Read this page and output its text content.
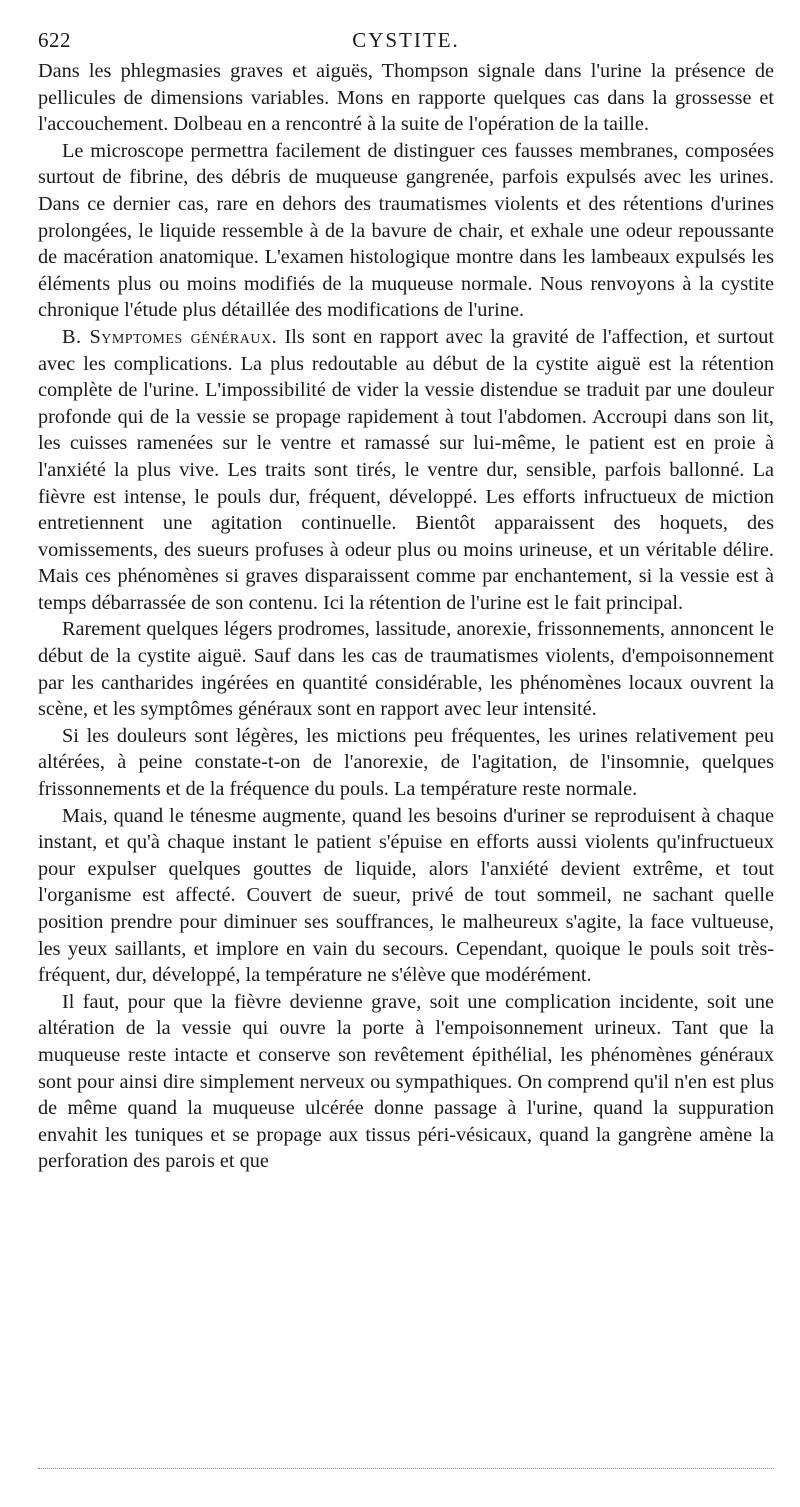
622	CYSTITE.

Dans les phlegmasies graves et aiguës, Thompson signale dans l'urine la présence de pellicules de dimensions variables. Mons en rapporte quelques cas dans la grossesse et l'accouchement. Dolbeau en a rencontré à la suite de l'opération de la taille.

Le microscope permettra facilement de distinguer ces fausses membranes, composées surtout de fibrine, des débris de muqueuse gangrenée, parfois expulsés avec les urines. Dans ce dernier cas, rare en dehors des traumatismes violents et des rétentions d'urines prolongées, le liquide ressemble à de la bavure de chair, et exhale une odeur repoussante de macération anatomique. L'examen histologique montre dans les lambeaux expulsés les éléments plus ou moins modifiés de la muqueuse normale. Nous renvoyons à la cystite chronique l'étude plus détaillée des modifications de l'urine.

B. Symptomes généraux. Ils sont en rapport avec la gravité de l'affection, et surtout avec les complications. La plus redoutable au début de la cystite aiguë est la rétention complète de l'urine. L'impossibilité de vider la vessie distendue se traduit par une douleur profonde qui de la vessie se propage rapidement à tout l'abdomen. Accroupi dans son lit, les cuisses ramenées sur le ventre et ramassé sur lui-même, le patient est en proie à l'anxiété la plus vive. Les traits sont tirés, le ventre dur, sensible, parfois ballonné. La fièvre est intense, le pouls dur, fréquent, développé. Les efforts infructueux de miction entretiennent une agitation continuelle. Bientôt apparaissent des hoquets, des vomissements, des sueurs profuses à odeur plus ou moins urineuse, et un véritable délire. Mais ces phénomènes si graves disparaissent comme par enchantement, si la vessie est à temps débarrassée de son contenu. Ici la rétention de l'urine est le fait principal.

Rarement quelques légers prodromes, lassitude, anorexie, frissonnements, annoncent le début de la cystite aiguë. Sauf dans les cas de traumatismes violents, d'empoisonnement par les cantharides ingérées en quantité considérable, les phénomènes locaux ouvrent la scène, et les symptômes généraux sont en rapport avec leur intensité.

Si les douleurs sont légères, les mictions peu fréquentes, les urines relativement peu altérées, à peine constate-t-on de l'anorexie, de l'agitation, de l'insomnie, quelques frissonnements et de la fréquence du pouls. La température reste normale.

Mais, quand le ténesme augmente, quand les besoins d'uriner se reproduisent à chaque instant, et qu'à chaque instant le patient s'épuise en efforts aussi violents qu'infructueux pour expulser quelques gouttes de liquide, alors l'anxiété devient extrême, et tout l'organisme est affecté. Couvert de sueur, privé de tout sommeil, ne sachant quelle position prendre pour diminuer ses souffrances, le malheureux s'agite, la face vultueuse, les yeux saillants, et implore en vain du secours. Cependant, quoique le pouls soit très-fréquent, dur, développé, la température ne s'élève que modérément.

Il faut, pour que la fièvre devienne grave, soit une complication incidente, soit une altération de la vessie qui ouvre la porte à l'empoisonnement urineux. Tant que la muqueuse reste intacte et conserve son revêtement épithélial, les phénomènes généraux sont pour ainsi dire simplement nerveux ou sympathiques. On comprend qu'il n'en est plus de même quand la muqueuse ulcérée donne passage à l'urine, quand la suppuration envahit les tuniques et se propage aux tissus péri-vésicaux, quand la gangrène amène la perforation des parois et que
